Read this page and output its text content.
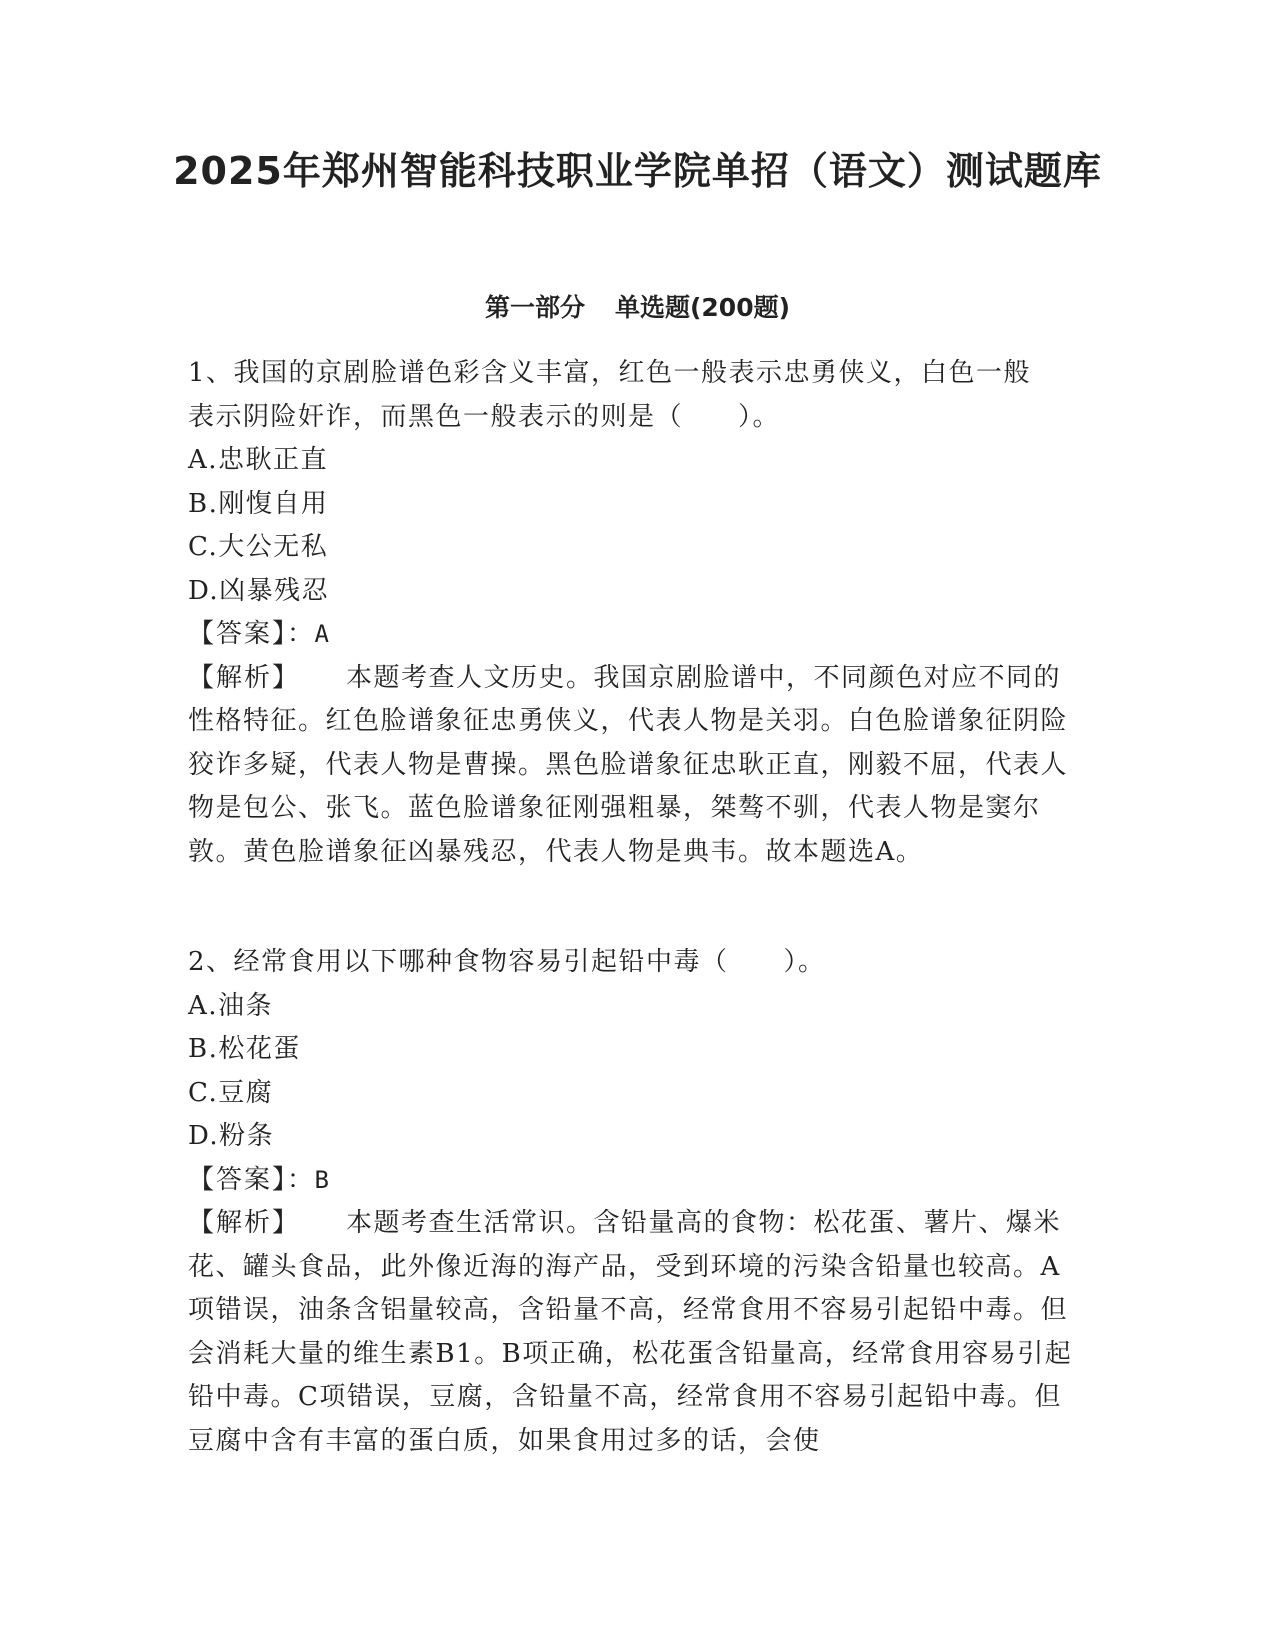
2025年郑州智能科技职业学院单招（语文）测试题库
第一部分 单选题(200题)

1、我国的京剧脸谱色彩含义丰富，红色一般表示忠勇侠义，白色一般

表示阴险奸诈，而黑色一般表示的则是（　　）。

A.忠耿正直

B.刚愎自用

C.大公无私

D.凶暴残忍

【答案】：A

【解析】 本题考查人文历史。我国京剧脸谱中，不同颜色对应不同的性格特征。红色脸谱象征忠勇侠义，代表人物是关羽。白色脸谱象征阴险狡诈多疑，代表人物是曹操。黑色脸谱象征忠耿正直，刚毅不屈，代表人物是包公、张飞。蓝色脸谱象征刚强粗暴，桀骜不驯，代表人物是窦尔敦。黄色脸谱象征凶暴残忍，代表人物是典韦。故本题选A。

2、经常食用以下哪种食物容易引起铅中毒（　　）。

A.油条

B.松花蛋

C.豆腐

D.粉条

【答案】：B

【解析】 本题考查生活常识。含铅量高的食物：松花蛋、薯片、爆米花、罐头食品，此外像近海的海产品，受到环境的污染含铅量也较高。A项错误，油条含铝量较高，含铅量不高，经常食用不容易引起铅中毒。但会消耗大量的维生素B1。B项正确，松花蛋含铅量高，经常食用容易引起铅中毒。C项错误，豆腐，含铅量不高，经常食用不容易引起铅中毒。但豆腐中含有丰富的蛋白质，如果食用过多的话，会使
